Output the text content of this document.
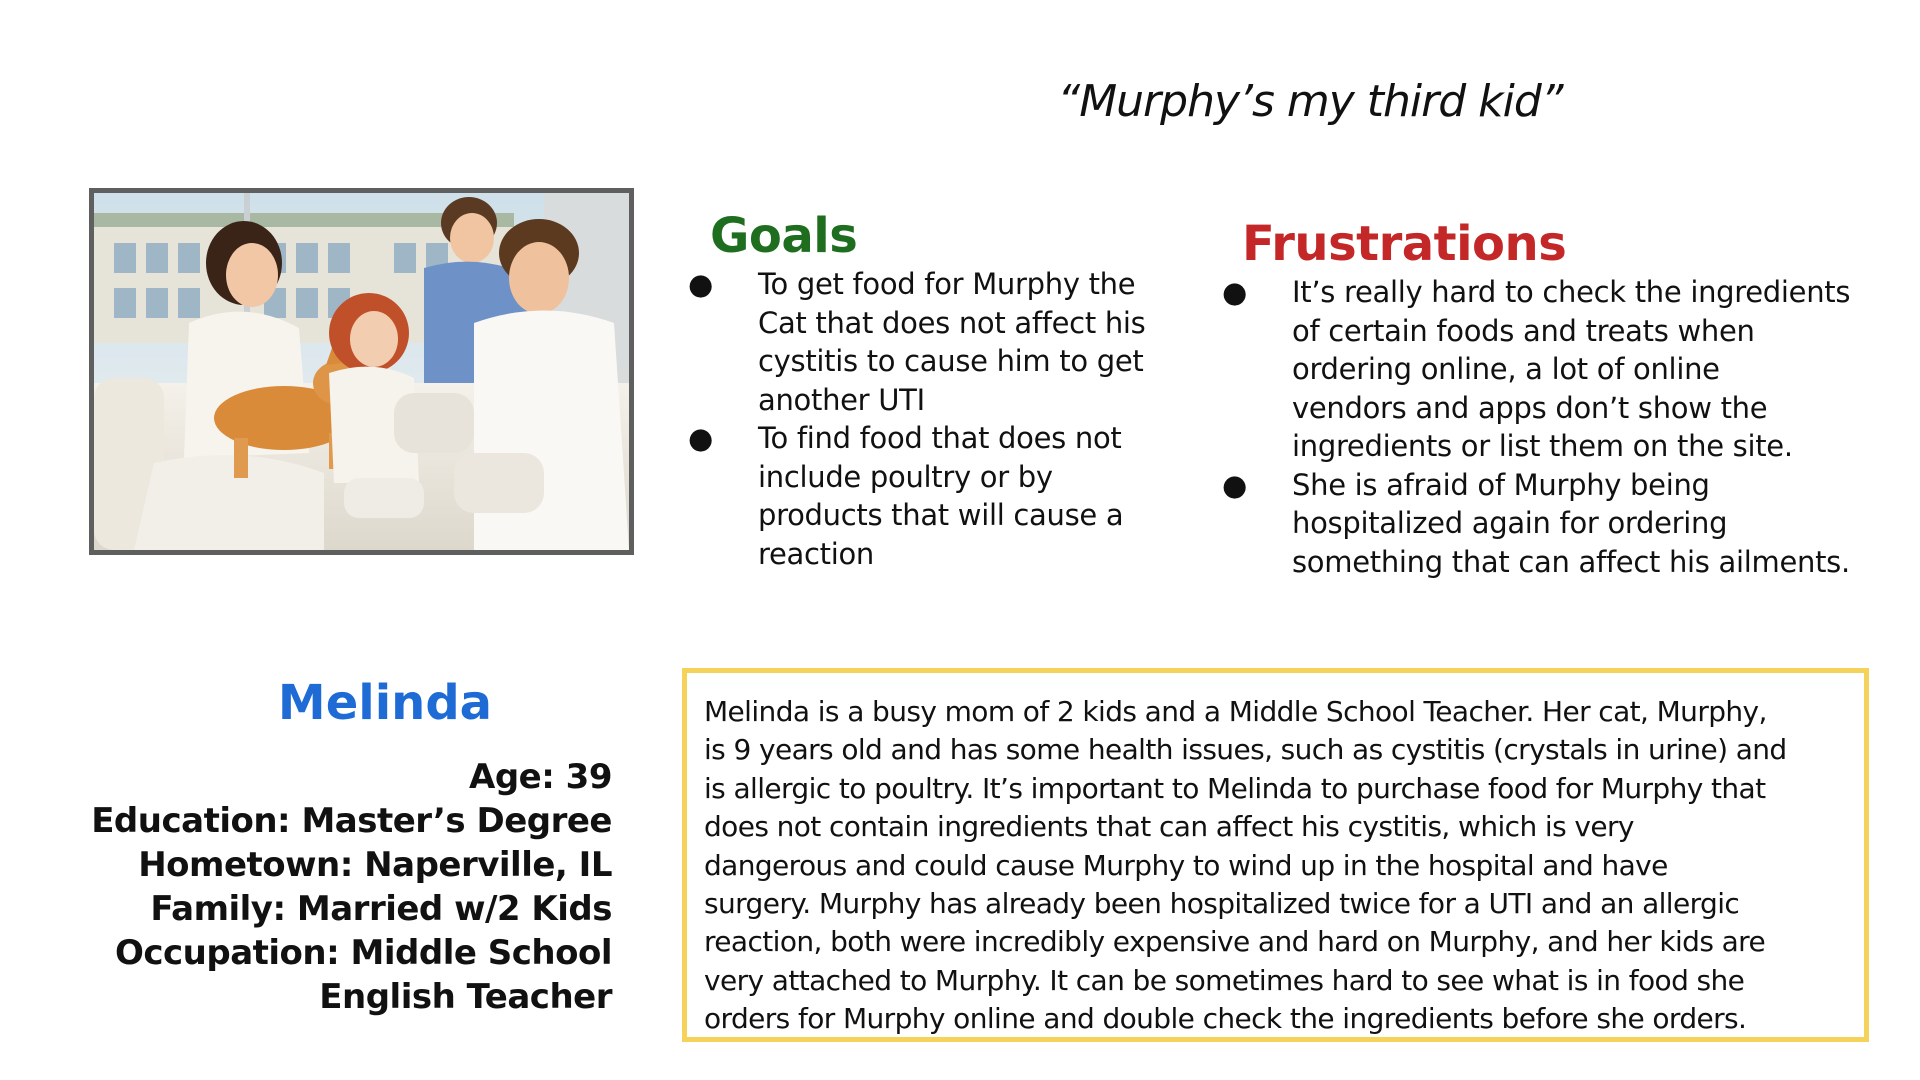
“Murphy’s my third kid”
Goals
● To get food for Murphy the
Cat that does not affect his
cystitis to cause him to get
another UTI
● To find food that does not
include poultry or by
products that will cause a
reaction
Frustrations
● It’s really hard to check the ingredients
of certain foods and treats when
ordering online, a lot of online
vendors and apps don’t show the
ingredients or list them on the site.
● She is afraid of Murphy being
hospitalized again for ordering
something that can affect his ailments.
Melinda
Age: 39
Education: Master’s Degree
Hometown: Naperville, IL
Family: Married w/2 Kids
Occupation: Middle School
English Teacher
Melinda is a busy mom of 2 kids and a Middle School Teacher. Her cat, Murphy,
is 9 years old and has some health issues, such as cystitis (crystals in urine) and
is allergic to poultry. It’s important to Melinda to purchase food for Murphy that
does not contain ingredients that can affect his cystitis, which is very
dangerous and could cause Murphy to wind up in the hospital and have
surgery. Murphy has already been hospitalized twice for a UTI and an allergic
reaction, both were incredibly expensive and hard on Murphy, and her kids are
very attached to Murphy. It can be sometimes hard to see what is in food she
orders for Murphy online and double check the ingredients before she orders.
